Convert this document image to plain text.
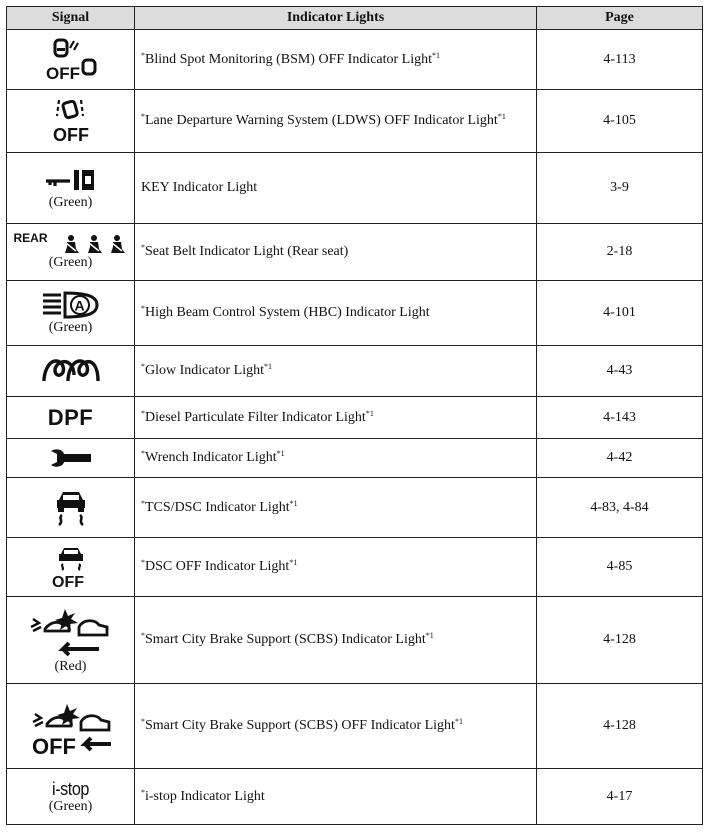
Signal	Indicator Lights	Page

OFF	*Blind Spot Monitoring (BSM) OFF Indicator Light$^{*1}$	4-113

OFF	*Lane Departure Warning System (LDWS) OFF Indicator Light$^{*1}$	4-105

(Green)	KEY Indicator Light	3-9

REAR
(Green)	*Seat Belt Indicator Light (Rear seat)	2-18

A
(Green)	*High Beam Control System (HBC) Indicator Light	4-101

	*Glow Indicator Light$^{*1}$	4-43

DPF	*Diesel Particulate Filter Indicator Light$^{*1}$	4-143

	*Wrench Indicator Light$^{*1}$	4-42

	*TCS/DSC Indicator Light$^{*1}$	4-83, 4-84

OFF	*DSC OFF Indicator Light$^{*1}$	4-85

(Red)	*Smart City Brake Support (SCBS) Indicator Light$^{*1}$	4-128

OFF	*Smart City Brake Support (SCBS) OFF Indicator Light$^{*1}$	4-128

i-stop
(Green)	*i-stop Indicator Light	4-17
